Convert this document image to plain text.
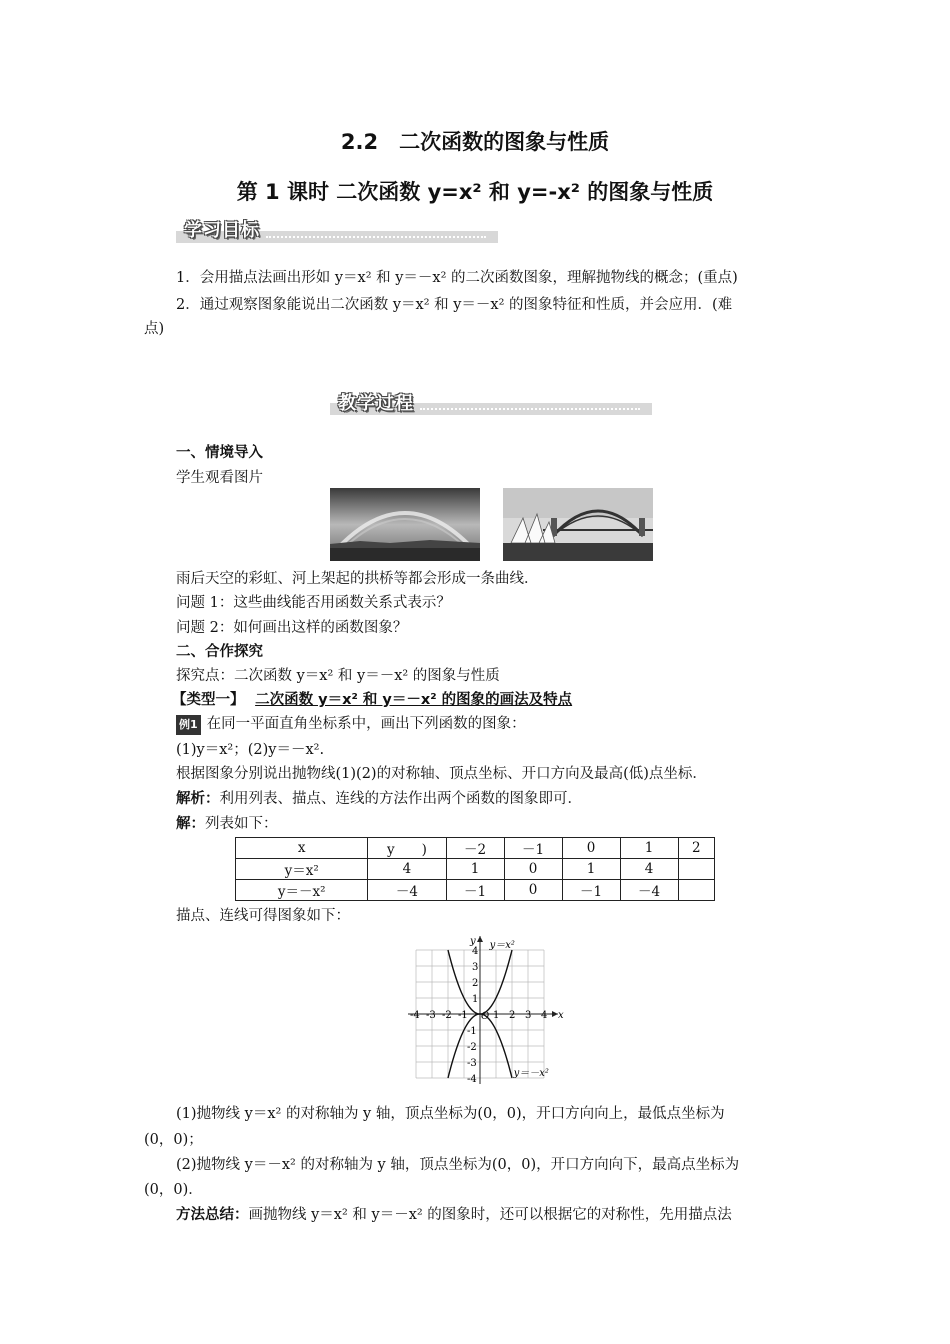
2.2　二次函数的图象与性质
第 1 课时 二次函数 y=x² 和 y=-x² 的图象与性质
学习目标
1．会用描点法画出形如 y＝x² 和 y＝－x² 的二次函数图象，理解抛物线的概念；(重点)
2．通过观察图象能说出二次函数 y＝x² 和 y＝－x² 的图象特征和性质，并会应用．(难
点)
教学过程
一、情境导入
学生观看图片
雨后天空的彩虹、河上架起的拱桥等都会形成一条曲线．
问题 1：这些曲线能否用函数关系式表示？
问题 2：如何画出这样的函数图象？
二、合作探究
探究点：二次函数 y＝x² 和 y＝－x² 的图象与性质
【类型一】 二次函数 y＝x² 和 y＝－x² 的图象的画法及特点
例1 在同一平面直角坐标系中，画出下列函数的图象：
(1)y＝x²；(2)y＝－x².
根据图象分别说出抛物线(1)(2)的对称轴、顶点坐标、开口方向及最高(低)点坐标．
解析：利用列表、描点、连线的方法作出两个函数的图象即可．
解：列表如下：
x	y　　)	－2	－1	0	1	2
y＝x²	4	1	0	1	4	
y＝－x²	－4	－1	0	－1	－4	
描点、连线可得图象如下：
x
y
O
-4 -3 -2 -1	1 2 3 4
4
3
2
1
-1
-2
-3
-4
y＝x²
y＝－x²
(1)抛物线 y＝x² 的对称轴为 y 轴，顶点坐标为(0，0)，开口方向向上，最低点坐标为
(0，0)；
(2)抛物线 y＝－x² 的对称轴为 y 轴，顶点坐标为(0，0)，开口方向向下，最高点坐标为
(0，0)．
方法总结：画抛物线 y＝x² 和 y＝－x² 的图象时，还可以根据它的对称性，先用描点法
